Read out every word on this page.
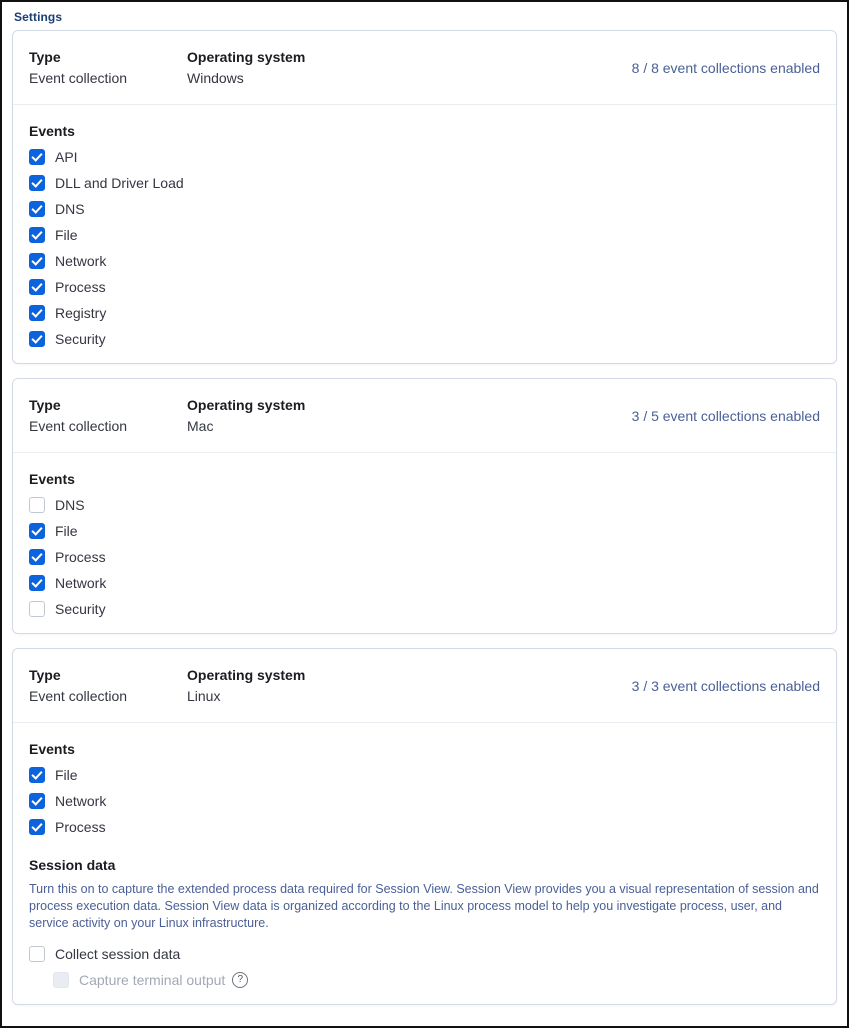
Settings
Type
Event collection
Operating system
Windows
8 / 8 event collections enabled
Events
API
DLL and Driver Load
DNS
File
Network
Process
Registry
Security
Type
Event collection
Operating system
Mac
3 / 5 event collections enabled
Events
DNS
File
Process
Network
Security
Type
Event collection
Operating system
Linux
3 / 3 event collections enabled
Events
File
Network
Process
Session data

Turn this on to capture the extended process data required for Session View. Session View provides you a visual representation of session and process execution data. Session View data is organized according to the Linux process model to help you investigate process, user, and service activity on your Linux infrastructure.

Collect session data
Capture terminal output	?
